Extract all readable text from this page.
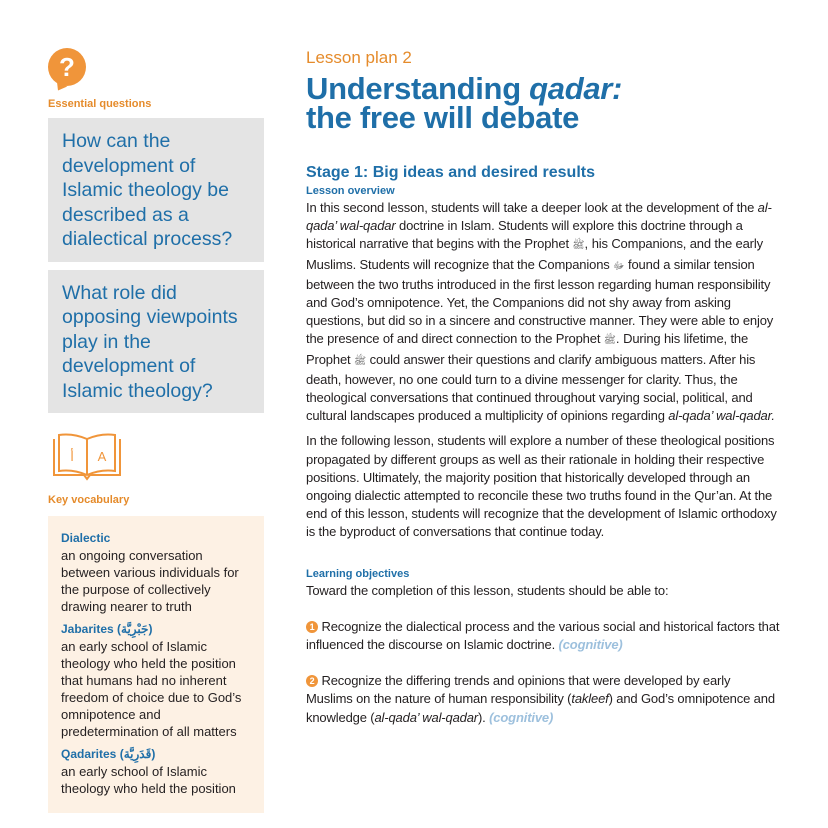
?
Essential questions
How can the development of Islamic theology be described as a dialectical process?
What role did opposing viewpoints play in the development of Islamic theology?
أ A
Key vocabulary
Dialectic
an ongoing conversation between various individuals for the purpose of collectively drawing nearer to truth
Jabarites (جَبْرِيَّة)
an early school of Islamic theology who held the position that humans had no inherent freedom of choice due to God’s omnipotence and predetermination of all matters
Qadarites (قَدَرِيَّة)
an early school of Islamic theology who held the position
Lesson plan 2
Understanding qadar:
the free will debate
Stage 1: Big ideas and desired results
Lesson overview
In this second lesson, students will take a deeper look at the development of the al-qada’ wal-qadar doctrine in Islam. Students will explore this doctrine through a historical narrative that begins with the Prophet ﷺ, his Companions, and the early Muslims. Students will recognize that the Companions ﷻ found a similar tension between the two truths introduced in the first lesson regarding human responsibility and God’s omnipotence. Yet, the Companions did not shy away from asking questions, but did so in a sincere and constructive manner. They were able to enjoy the presence of and direct connection to the Prophet ﷺ. During his lifetime, the Prophet ﷺ could answer their questions and clarify ambiguous matters. After his death, however, no one could turn to a divine messenger for clarity. Thus, the theological conversations that continued throughout varying social, political, and cultural landscapes produced a multiplicity of opinions regarding al-qada’ wal-qadar.
In the following lesson, students will explore a number of these theological positions propagated by different groups as well as their rationale in holding their respective positions. Ultimately, the majority position that historically developed through an ongoing dialectic attempted to reconcile these two truths found in the Qur’an. At the end of this lesson, students will recognize that the development of Islamic orthodoxy is the byproduct of conversations that continue today.
Learning objectives
Toward the completion of this lesson, students should be able to:
1 Recognize the dialectical process and the various social and historical factors that influenced the discourse on Islamic doctrine. (cognitive)
2 Recognize the differing trends and opinions that were developed by early Muslims on the nature of human responsibility (takleef) and God’s omnipotence and knowledge (al-qada’ wal-qadar). (cognitive)
